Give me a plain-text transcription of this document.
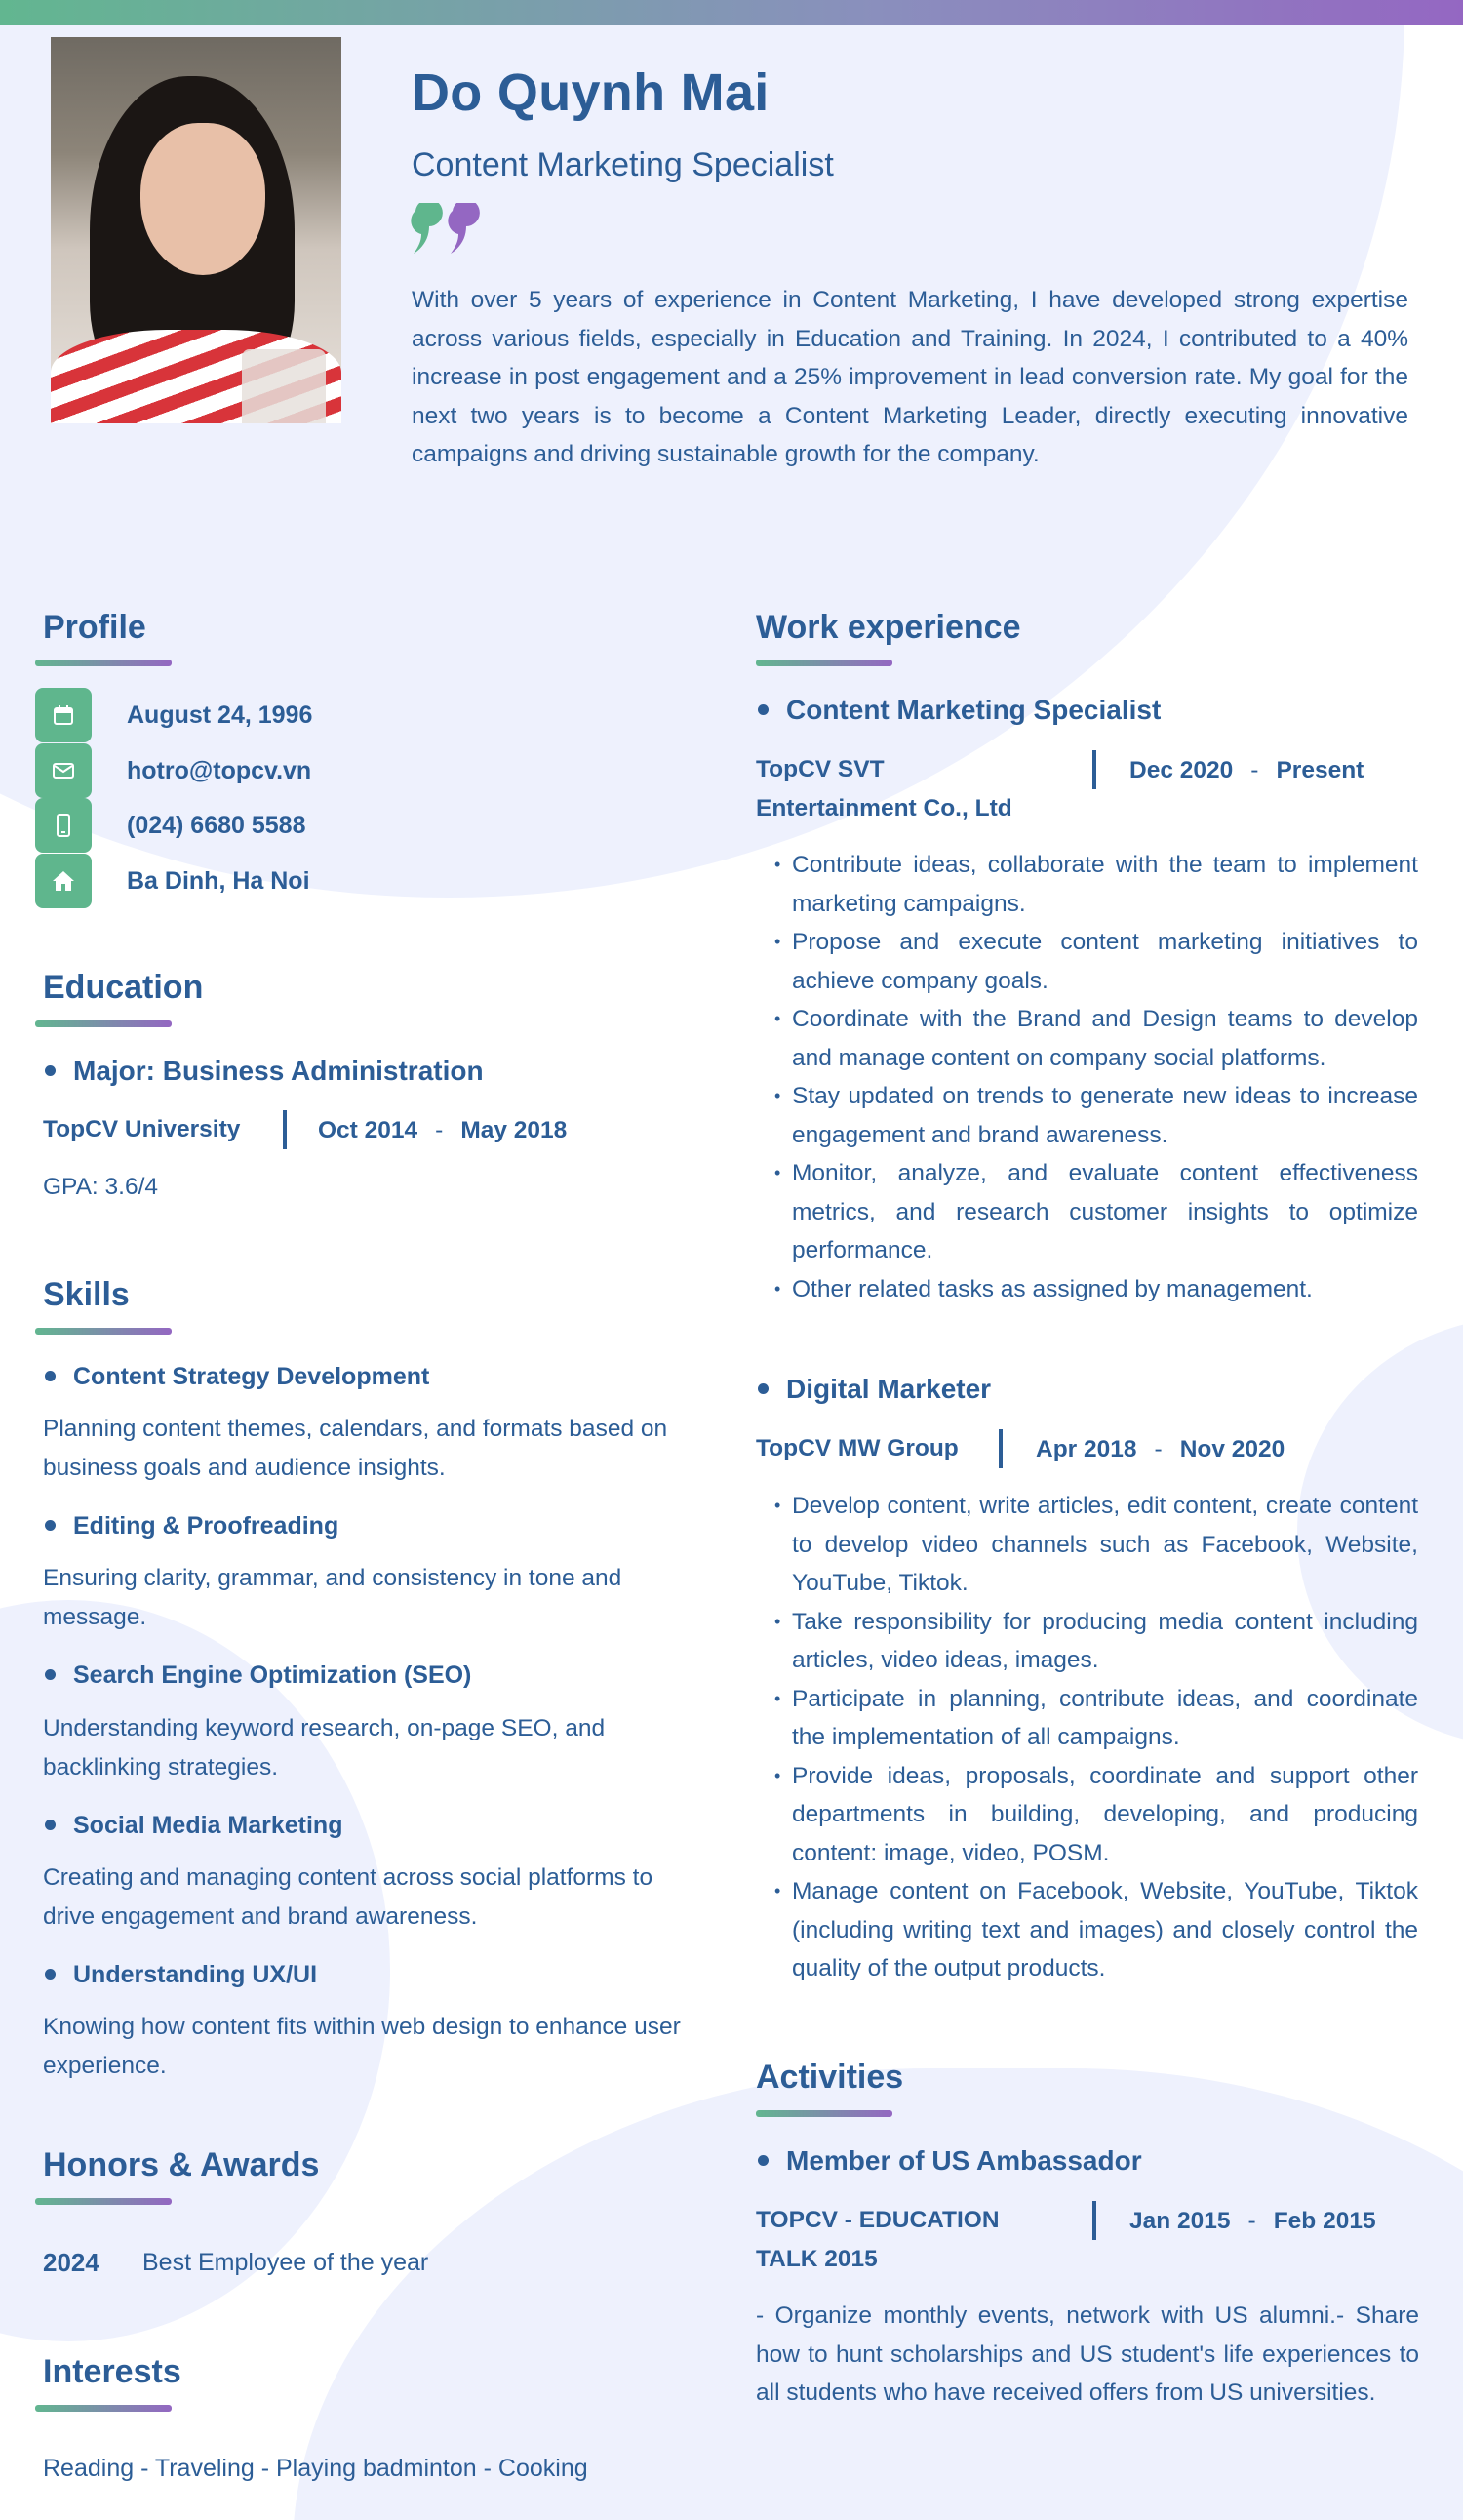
Do Quynh Mai
Content Marketing Specialist
With over 5 years of experience in Content Marketing, I have developed strong expertise across various fields, especially in Education and Training. In 2024, I contributed to a 40% increase in post engagement and a 25% improvement in lead conversion rate. My goal for the next two years is to become a Content Marketing Leader, directly executing innovative campaigns and driving sustainable growth for the company.
Profile
August 24, 1996
hotro@topcv.vn
(024) 6680 5588
Ba Dinh, Ha Noi
Education
Major: Business Administration
TopCV University	Oct 2014 - May 2018
GPA: 3.6/4
Skills
Content Strategy Development
Planning content themes, calendars, and formats based on business goals and audience insights.
Editing & Proofreading
Ensuring clarity, grammar, and consistency in tone and message.
Search Engine Optimization (SEO)
Understanding keyword research, on-page SEO, and backlinking strategies.
Social Media Marketing
Creating and managing content across social platforms to drive engagement and brand awareness.
Understanding UX/UI
Knowing how content fits within web design to enhance user experience.
Honors & Awards
2024 Best Employee of the year
Interests
Reading - Traveling - Playing badminton - Cooking
Work experience
Content Marketing Specialist
TopCV SVT
Entertainment Co., Ltd
Dec 2020 - Present
• Contribute ideas, collaborate with the team to implement marketing campaigns.
• Propose and execute content marketing initiatives to achieve company goals.
• Coordinate with the Brand and Design teams to develop and manage content on company social platforms.
• Stay updated on trends to generate new ideas to increase engagement and brand awareness.
• Monitor, analyze, and evaluate content effectiveness metrics, and research customer insights to optimize performance.
• Other related tasks as assigned by management.
Digital Marketer
TopCV MW Group	Apr 2018 - Nov 2020
• Develop content, write articles, edit content, create content to develop video channels such as Facebook, Website, YouTube, Tiktok.
• Take responsibility for producing media content including articles, video ideas, images.
• Participate in planning, contribute ideas, and coordinate the implementation of all campaigns.
• Provide ideas, proposals, coordinate and support other departments in building, developing, and producing content: image, video, POSM.
• Manage content on Facebook, Website, YouTube, Tiktok (including writing text and images) and closely control the quality of the output products.
Activities
Member of US Ambassador
TOPCV - EDUCATION
TALK 2015
Jan 2015 - Feb 2015
- Organize monthly events, network with US alumni.- Share how to hunt scholarships and US student's life experiences to all students who have received offers from US universities.
